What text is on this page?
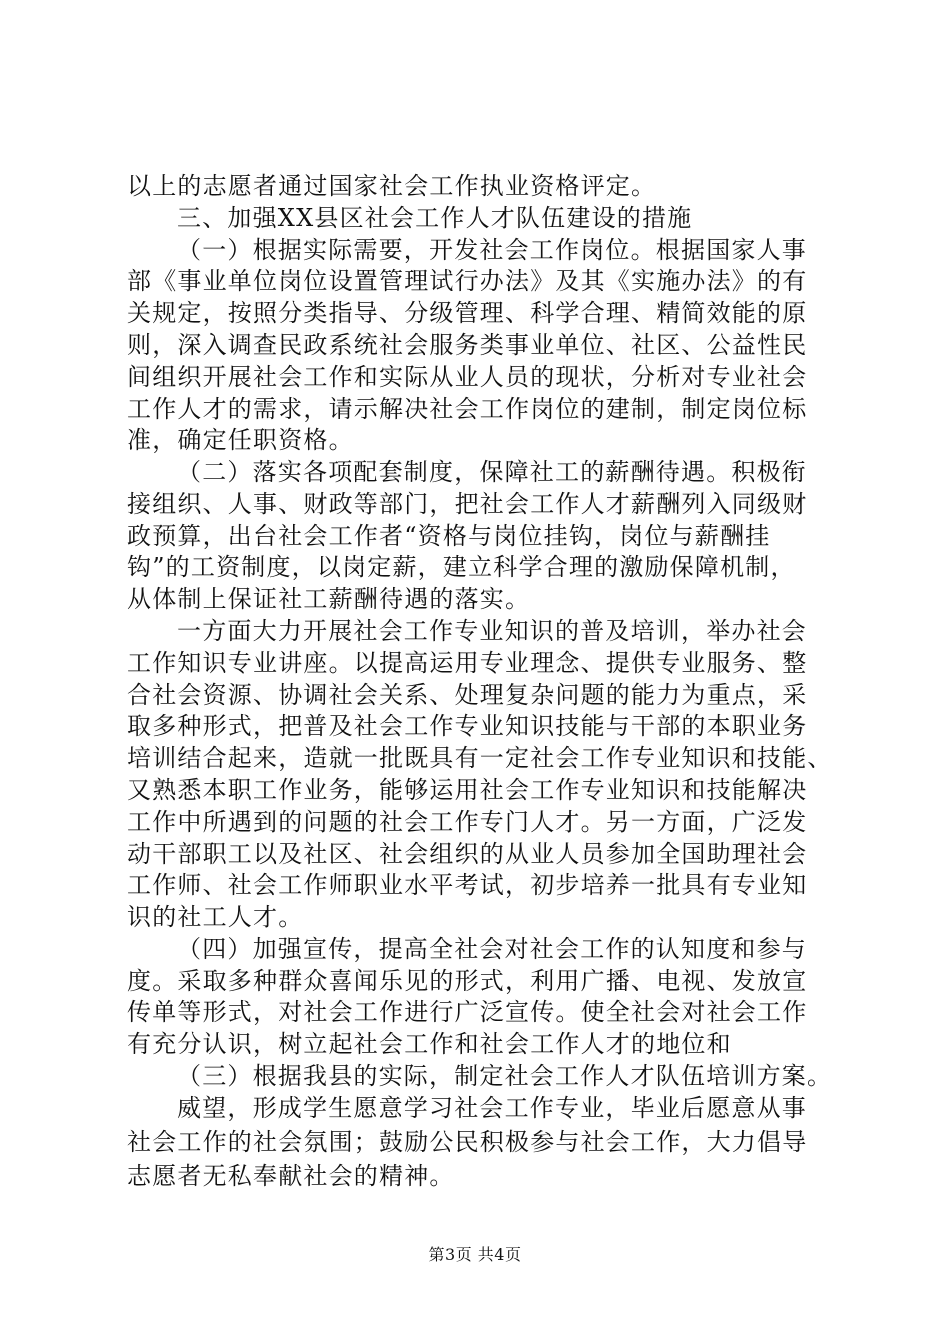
以上的志愿者通过国家社会工作执业资格评定。
三、加强XX县区社会工作人才队伍建设的措施
（一）根据实际需要，开发社会工作岗位。根据国家人事
部《事业单位岗位设置管理试行办法》及其《实施办法》的有
关规定，按照分类指导、分级管理、科学合理、精简效能的原
则，深入调查民政系统社会服务类事业单位、社区、公益性民
间组织开展社会工作和实际从业人员的现状，分析对专业社会
工作人才的需求，请示解决社会工作岗位的建制，制定岗位标
准，确定任职资格。
（二）落实各项配套制度，保障社工的薪酬待遇。积极衔
接组织、人事、财政等部门，把社会工作人才薪酬列入同级财
政预算，出台社会工作者“资格与岗位挂钩，岗位与薪酬挂
钩”的工资制度，以岗定薪，建立科学合理的激励保障机制，
从体制上保证社工薪酬待遇的落实。
一方面大力开展社会工作专业知识的普及培训，举办社会
工作知识专业讲座。以提高运用专业理念、提供专业服务、整
合社会资源、协调社会关系、处理复杂问题的能力为重点，采
取多种形式，把普及社会工作专业知识技能与干部的本职业务
培训结合起来，造就一批既具有一定社会工作专业知识和技能、
又熟悉本职工作业务，能够运用社会工作专业知识和技能解决
工作中所遇到的问题的社会工作专门人才。另一方面，广泛发
动干部职工以及社区、社会组织的从业人员参加全国助理社会
工作师、社会工作师职业水平考试，初步培养一批具有专业知
识的社工人才。
（四）加强宣传，提高全社会对社会工作的认知度和参与
度。采取多种群众喜闻乐见的形式，利用广播、电视、发放宣
传单等形式，对社会工作进行广泛宣传。使全社会对社会工作
有充分认识，树立起社会工作和社会工作人才的地位和
（三）根据我县的实际，制定社会工作人才队伍培训方案。
威望，形成学生愿意学习社会工作专业，毕业后愿意从事
社会工作的社会氛围；鼓励公民积极参与社会工作，大力倡导
志愿者无私奉献社会的精神。
第3页 共4页
